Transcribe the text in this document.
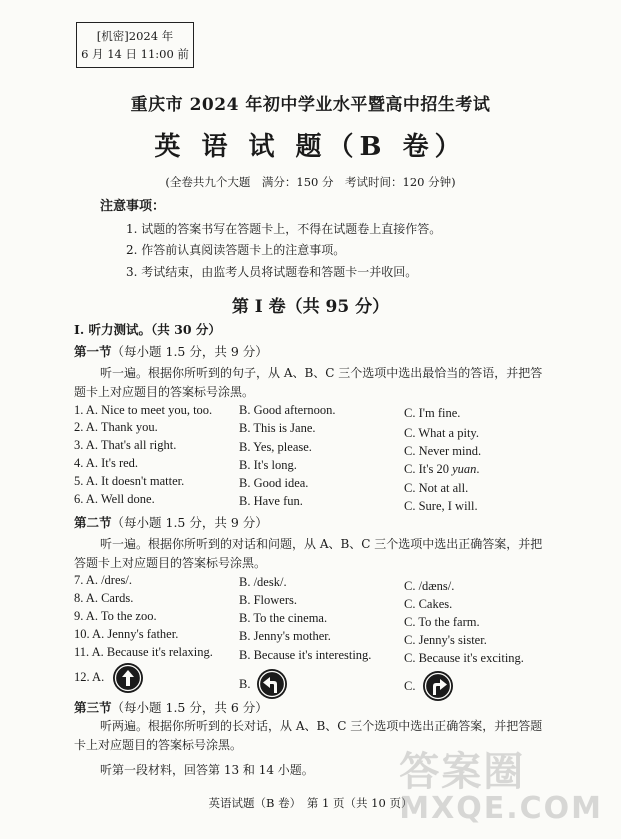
[机密]2024 年
6 月 14 日 11:00 前
重庆市 2024 年初中学业水平暨高中招生考试
英 语 试 题（B 卷）
(全卷共九个大题　满分：150 分　考试时间：120 分钟)
注意事项：
1. 试题的答案书写在答题卡上，不得在试题卷上直接作答。
2. 作答前认真阅读答题卡上的注意事项。
3. 考试结束，由监考人员将试题卷和答题卡一并收回。
第 I 卷（共 95 分）
I. 听力测试。（共 30 分）
第一节（每小题 1.5 分，共 9 分）
听一遍。根据你所听到的句子，从 A、B、C 三个选项中选出最恰当的答语，并把答题卡上对应题目的答案标号涂黑。
1. A. Nice to meet you, too. B. Good afternoon.	C. I'm fine.
2. A. Thank you.	B. This is Jane.	C. What a pity.
3. A. That's all right.	B. Yes, please.	C. Never mind.
4. A. It's red.	B. It's long.	C. It's 20 yuan.
5. A. It doesn't matter.	B. Good idea.	C. Not at all.
6. A. Well done.	B. Have fun.	C. Sure, I will.
第二节（每小题 1.5 分，共 9 分）
听一遍。根据你所听到的对话和问题，从 A、B、C 三个选项中选出正确答案，并把答题卡上对应题目的答案标号涂黑。
7. A. /dres/.	B. /desk/.	C. /dæns/.
8. A. Cards.	B. Flowers.	C. Cakes.
9. A. To the zoo.	B. To the cinema.	C. To the farm.
10. A. Jenny's father.	B. Jenny's mother.	C. Jenny's sister.
11. A. Because it's relaxing. B. Because it's interesting.	C. Because it's exciting.
12. A.	B.	C.
第三节（每小题 1.5 分，共 6 分）
听两遍。根据你所听到的长对话，从 A、B、C 三个选项中选出正确答案，并把答题卡上对应题目的答案标号涂黑。
听第一段材料，回答第 13 和 14 小题。
英语试题（B 卷）　第 1 页（共 10 页）
答案圈
MXQE.COM
